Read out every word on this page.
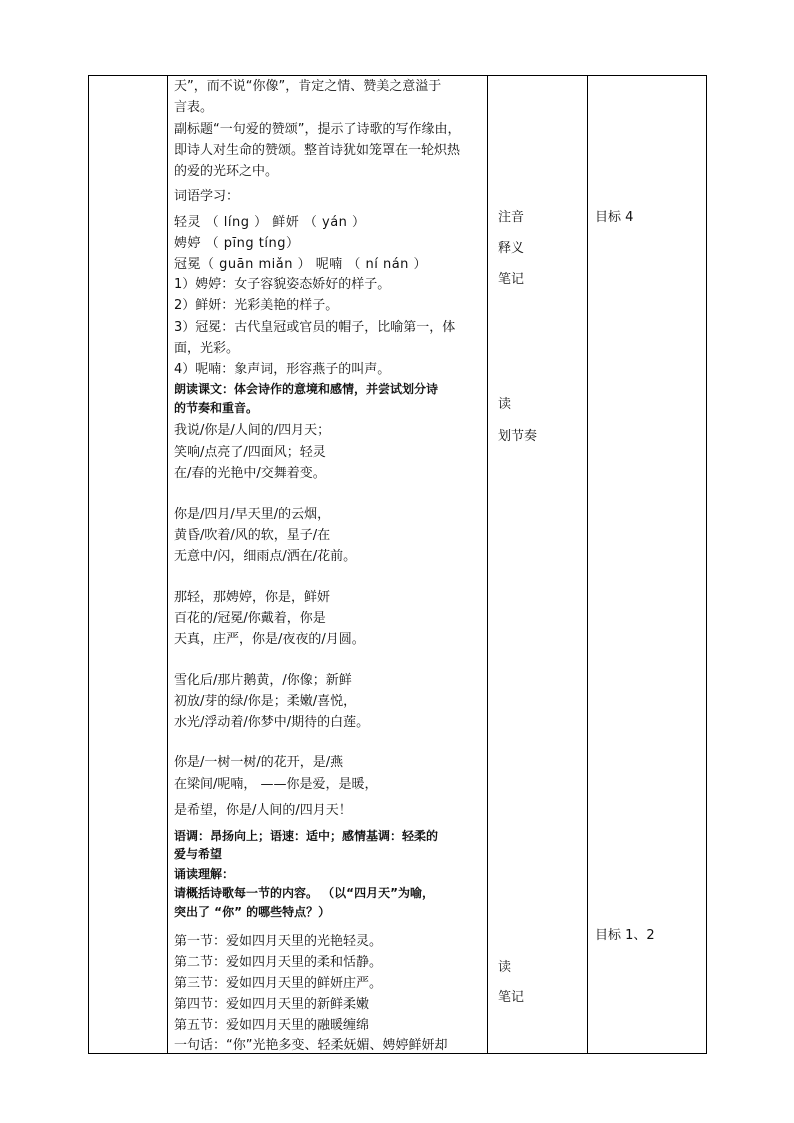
天”，而不说“你像”，肯定之情、赞美之意溢于
言表。
副标题“一句爱的赞颂”，提示了诗歌的写作缘由，
即诗人对生命的赞颂。整首诗犹如笼罩在一轮炽热
的爱的光环之中。
词语学习：
轻灵 （ líng ） 鲜妍 （ yán ）
娉婷 （ pīng tíng）
冠冕（ guān miǎn ） 呢喃 （ ní nán ）
1）娉婷：女子容貌姿态娇好的样子。
2）鲜妍：光彩美艳的样子。
3）冠冕：古代皇冠或官员的帽子，比喻第一，体
面，光彩。
4）呢喃：象声词，形容燕子的叫声。
朗读课文：体会诗作的意境和感情，并尝试划分诗
的节奏和重音。
我说/你是/人间的/四月天；
笑响/点亮了/四面风；轻灵
在/春的光艳中/交舞着变。
你是/四月/早天里/的云烟，
黄昏/吹着/风的软，星子/在
无意中/闪，细雨点/洒在/花前。
那轻，那娉婷，你是，鲜妍
百花的/冠冕/你戴着，你是
天真，庄严，你是/夜夜的/月圆。
雪化后/那片鹅黄，/你像；新鲜
初放/芽的绿/你是；柔嫩/喜悦，
水光/浮动着/你梦中/期待的白莲。
你是/一树一树/的花开，是/燕
在梁间/呢喃， ——你是爱，是暖，
是希望，你是/人间的/四月天！
语调：昂扬向上；语速：适中；感情基调：轻柔的
爱与希望
诵读理解：
请概括诗歌每一节的内容。 （以“四月天”为喻，
突出了 “你” 的哪些特点？）
第一节：爱如四月天里的光艳轻灵。
第二节：爱如四月天里的柔和恬静。
第三节：爱如四月天里的鲜妍庄严。
第四节：爱如四月天里的新鲜柔嫩
第五节：爱如四月天里的融暖缠绵
一句话：“你”光艳多变、轻柔妩媚、娉婷鲜妍却
注音
释义
笔记
读
划节奏
读
笔记
目标 4
目标 1、2
